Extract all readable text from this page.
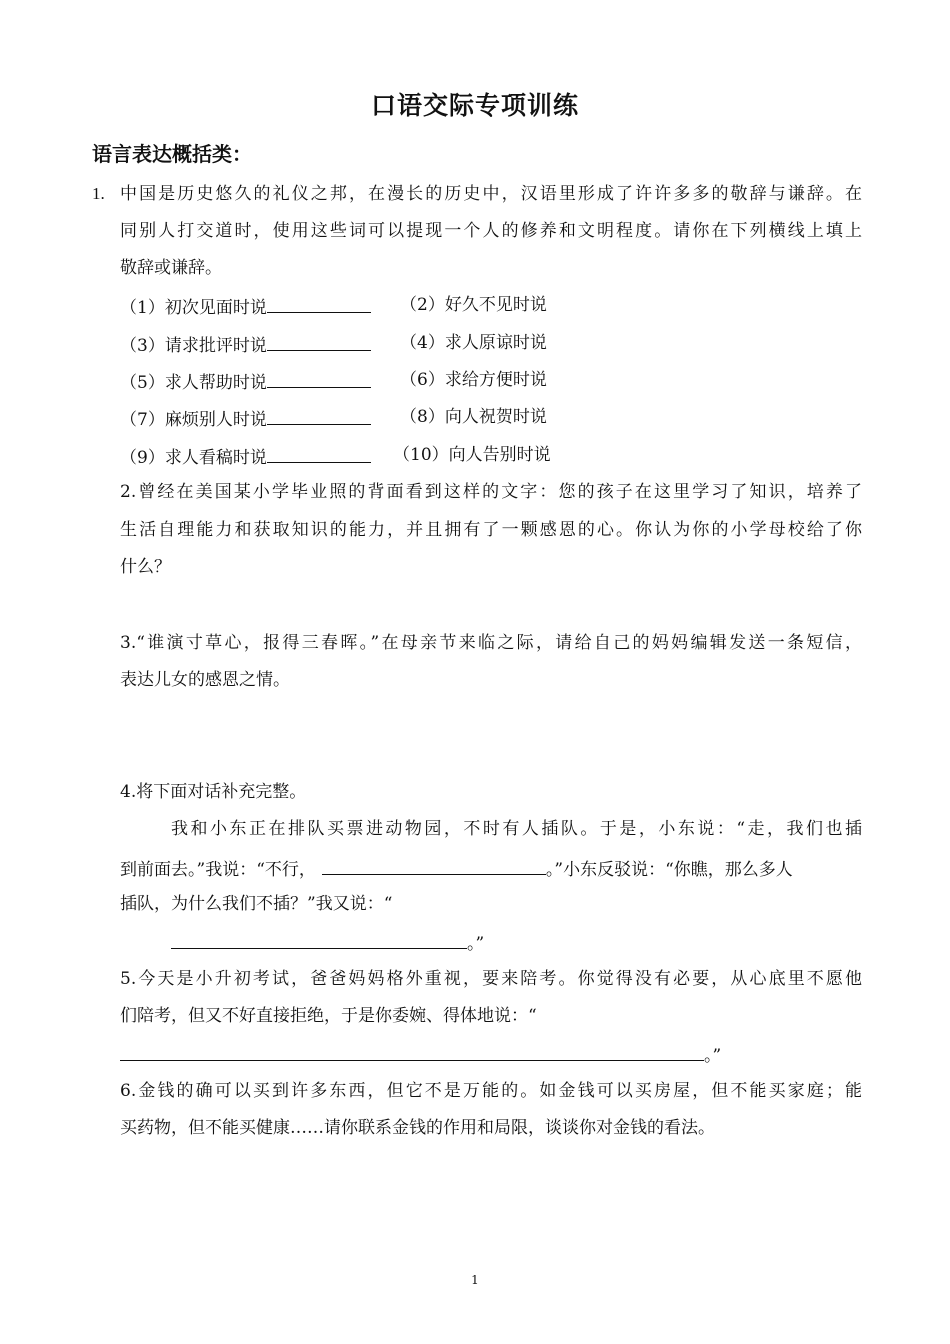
口语交际专项训练
语言表达概括类：
1. 中国是历史悠久的礼仪之邦，在漫长的历史中，汉语里形成了许许多多的敬辞与谦辞。在
同别人打交道时，使用这些词可以提现一个人的修养和文明程度。请你在下列横线上填上
敬辞或谦辞。
（1）初次见面时说	（2）好久不见时说
（3）请求批评时说	（4）求人原谅时说
（5）求人帮助时说	（6）求给方便时说
（7）麻烦别人时说	（8）向人祝贺时说
（9）求人看稿时说	（10）向人告别时说
2.曾经在美国某小学毕业照的背面看到这样的文字：您的孩子在这里学习了知识，培养了
生活自理能力和获取知识的能力，并且拥有了一颗感恩的心。你认为你的小学母校给了你
什么？
3.“谁演寸草心，报得三春晖。”在母亲节来临之际，请给自己的妈妈编辑发送一条短信，
表达儿女的感恩之情。
4.将下面对话补充完整。
我和小东正在排队买票进动物园，不时有人插队。于是，小东说：“走，我们也插
到前面去。”我说：“不行，	。”小东反驳说：“你瞧，那么多人
插队，为什么我们不插？”我又说：“
。”
5.今天是小升初考试，爸爸妈妈格外重视，要来陪考。你觉得没有必要，从心底里不愿他
们陪考，但又不好直接拒绝，于是你委婉、得体地说：“
。”
6.金钱的确可以买到许多东西，但它不是万能的。如金钱可以买房屋，但不能买家庭；能
买药物，但不能买健康……请你联系金钱的作用和局限，谈谈你对金钱的看法。
1
